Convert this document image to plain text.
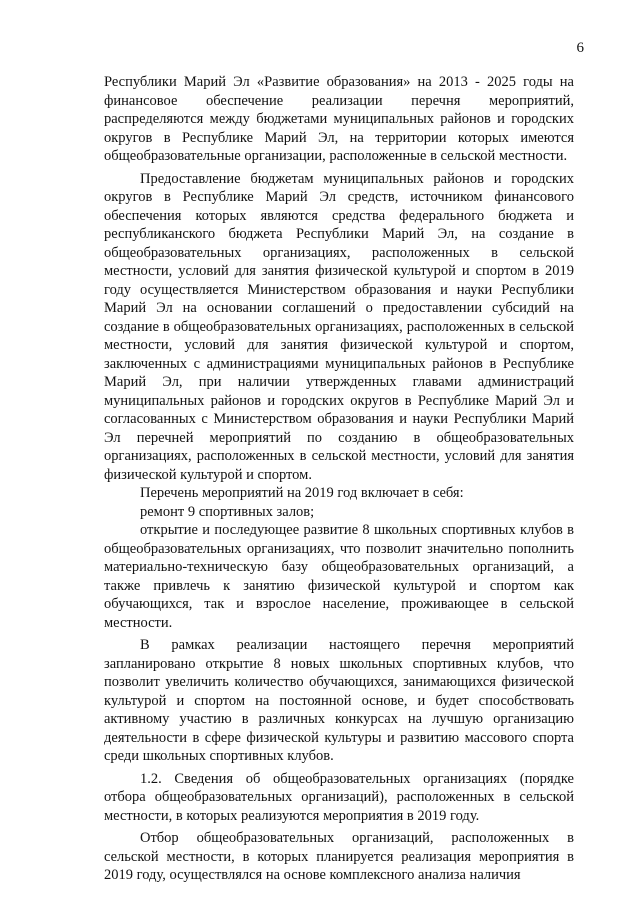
6

Республики Марий Эл «Развитие образования» на 2013 - 2025 годы на финансовое обеспечение реализации перечня мероприятий, распределяются между бюджетами муниципальных районов и городских округов в Республике Марий Эл, на территории которых имеются общеобразовательные организации, расположенные в сельской местности.

Предоставление бюджетам муниципальных районов и городских округов в Республике Марий Эл средств, источником финансового обеспечения которых являются средства федерального бюджета и республиканского бюджета Республики Марий Эл, на создание в общеобразовательных организациях, расположенных в сельской местности, условий для занятия физической культурой и спортом в 2019 году осуществляется Министерством образования и науки Республики Марий Эл на основании соглашений о предоставлении субсидий на создание в общеобразовательных организациях, расположенных в сельской местности, условий для занятия физической культурой и спортом, заключенных с администрациями муниципальных районов в Республике Марий Эл, при наличии утвержденных главами администраций муниципальных районов и городских округов в Республике Марий Эл и согласованных с Министерством образования и науки Республики Марий Эл перечней мероприятий по созданию в общеобразовательных организациях, расположенных в сельской местности, условий для занятия физической культурой и спортом.

Перечень мероприятий на 2019 год включает в себя:

ремонт 9 спортивных залов;

открытие и последующее развитие 8 школьных спортивных клубов в общеобразовательных организациях, что позволит значительно пополнить материально-техническую базу общеобразовательных организаций, а также привлечь к занятию физической культурой и спортом как обучающихся, так и взрослое население, проживающее в сельской местности.

В рамках реализации настоящего перечня мероприятий запланировано открытие 8 новых школьных спортивных клубов, что позволит увеличить количество обучающихся, занимающихся физической культурой и спортом на постоянной основе, и будет способствовать активному участию в различных конкурсах на лучшую организацию деятельности в сфере физической культуры и развитию массового спорта среди школьных спортивных клубов.

1.2. Сведения об общеобразовательных организациях (порядке отбора общеобразовательных организаций), расположенных в сельской местности, в которых реализуются мероприятия в 2019 году.

Отбор общеобразовательных организаций, расположенных в сельской местности, в которых планируется реализация мероприятия в 2019 году, осуществлялся на основе комплексного анализа наличия
